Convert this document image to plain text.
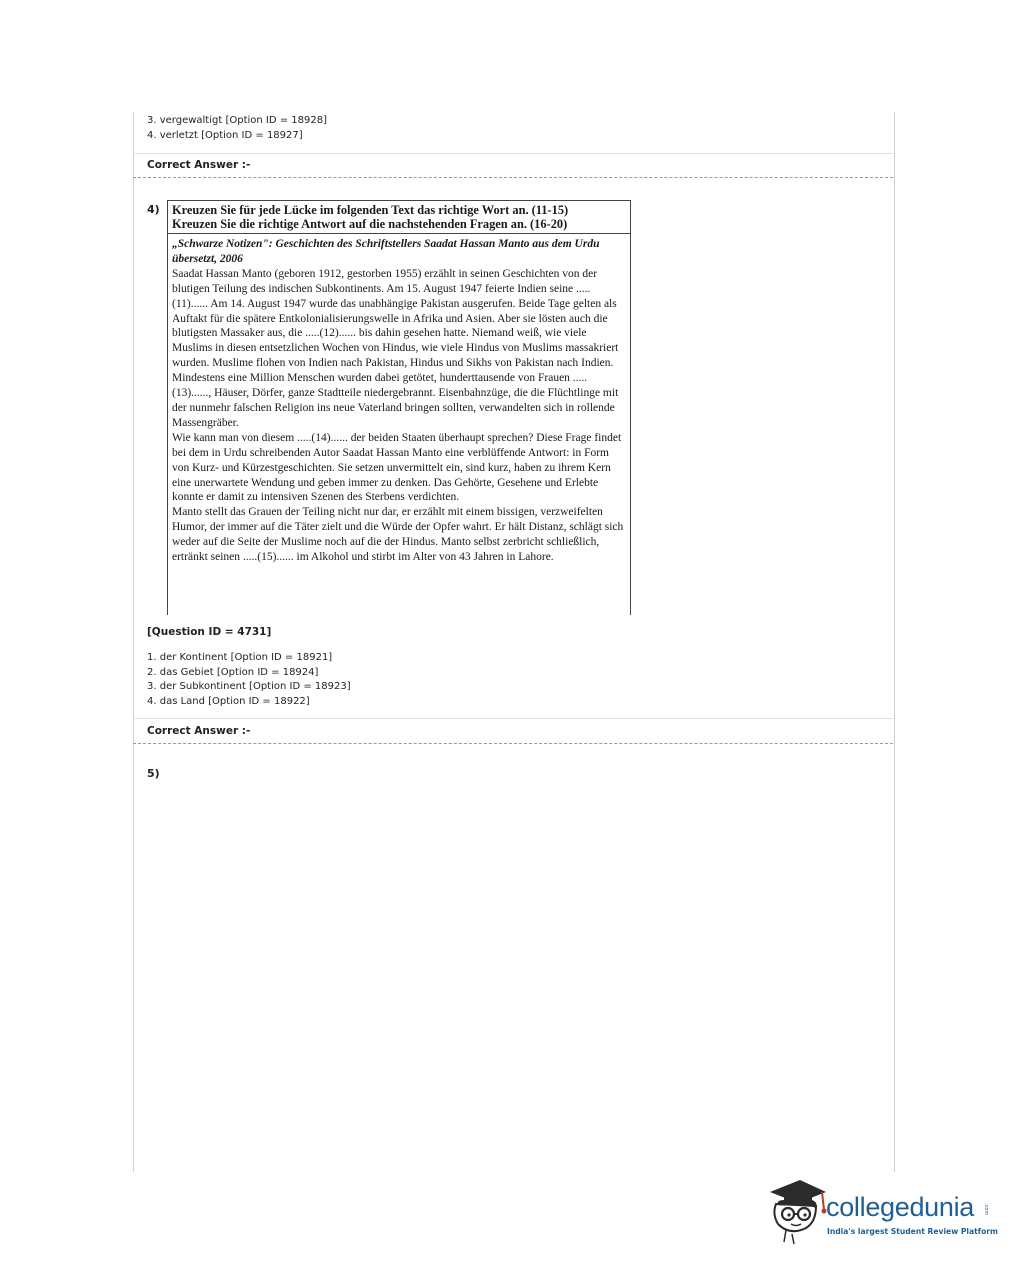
3. vergewaltigt [Option ID = 18928]
4. verletzt [Option ID = 18927]
Correct Answer :-
4) Kreuzen Sie für jede Lücke im folgenden Text das richtige Wort an. (11-15)
Kreuzen Sie die richtige Antwort auf die nachstehenden Fragen an. (16-20)
„Schwarze Notizen": Geschichten des Schriftstellers Saadat Hassan Manto aus dem Urdu übersetzt, 2006

Saadat Hassan Manto (geboren 1912, gestorben 1955) erzählt in seinen Geschichten von der blutigen Teilung des indischen Subkontinents. Am 15. August 1947 feierte Indien seine .....(11)...... Am 14. August 1947 wurde das unabhängige Pakistan ausgerufen. Beide Tage gelten als Auftakt für die spätere Entkolonialisierungswelle in Afrika und Asien. Aber sie lösten auch die blutigsten Massaker aus, die .....(12)...... bis dahin gesehen hatte. Niemand weiß, wie viele Muslims in diesen entsetzlichen Wochen von Hindus, wie viele Hindus von Muslims massakriert wurden. Muslime flohen von Indien nach Pakistan, Hindus und Sikhs von Pakistan nach Indien. Mindestens eine Million Menschen wurden dabei getötet, hunderttausende von Frauen .....(13)......, Häuser, Dörfer, ganze Stadtteile niedergebrannt. Eisenbahnzüge, die die Flüchtlinge mit der nunmehr falschen Religion ins neue Vaterland bringen sollten, verwandelten sich in rollende Massengräber.

Wie kann man von diesem .....(14)...... der beiden Staaten überhaupt sprechen? Diese Frage findet bei dem in Urdu schreibenden Autor Saadat Hassan Manto eine verblüffende Antwort: in Form von Kurz- und Kürzestgeschichten. Sie setzen unvermittelt ein, sind kurz, haben zu ihrem Kern eine unerwartete Wendung und geben immer zu denken. Das Gehörte, Gesehene und Erlebte konnte er damit zu intensiven Szenen des Sterbens verdichten.

Manto stellt das Grauen der Teiling nicht nur dar, er erzählt mit einem bissigen, verzweifelten Humor, der immer auf die Täter zielt und die Würde der Opfer wahrt. Er hält Distanz, schlägt sich weder auf die Seite der Muslime noch auf die der Hindus. Manto selbst zerbricht schließlich, ertränkt seinen .....(15)...... im Alkohol und stirbt im Alter von 43 Jahren in Lahore.

[Question ID = 4731]
1. der Kontinent [Option ID = 18921]
2. das Gebiet [Option ID = 18924]
3. der Subkontinent [Option ID = 18923]
4. das Land [Option ID = 18922]
Correct Answer :-
5)
collegedunia .com
India's largest Student Review Platform
